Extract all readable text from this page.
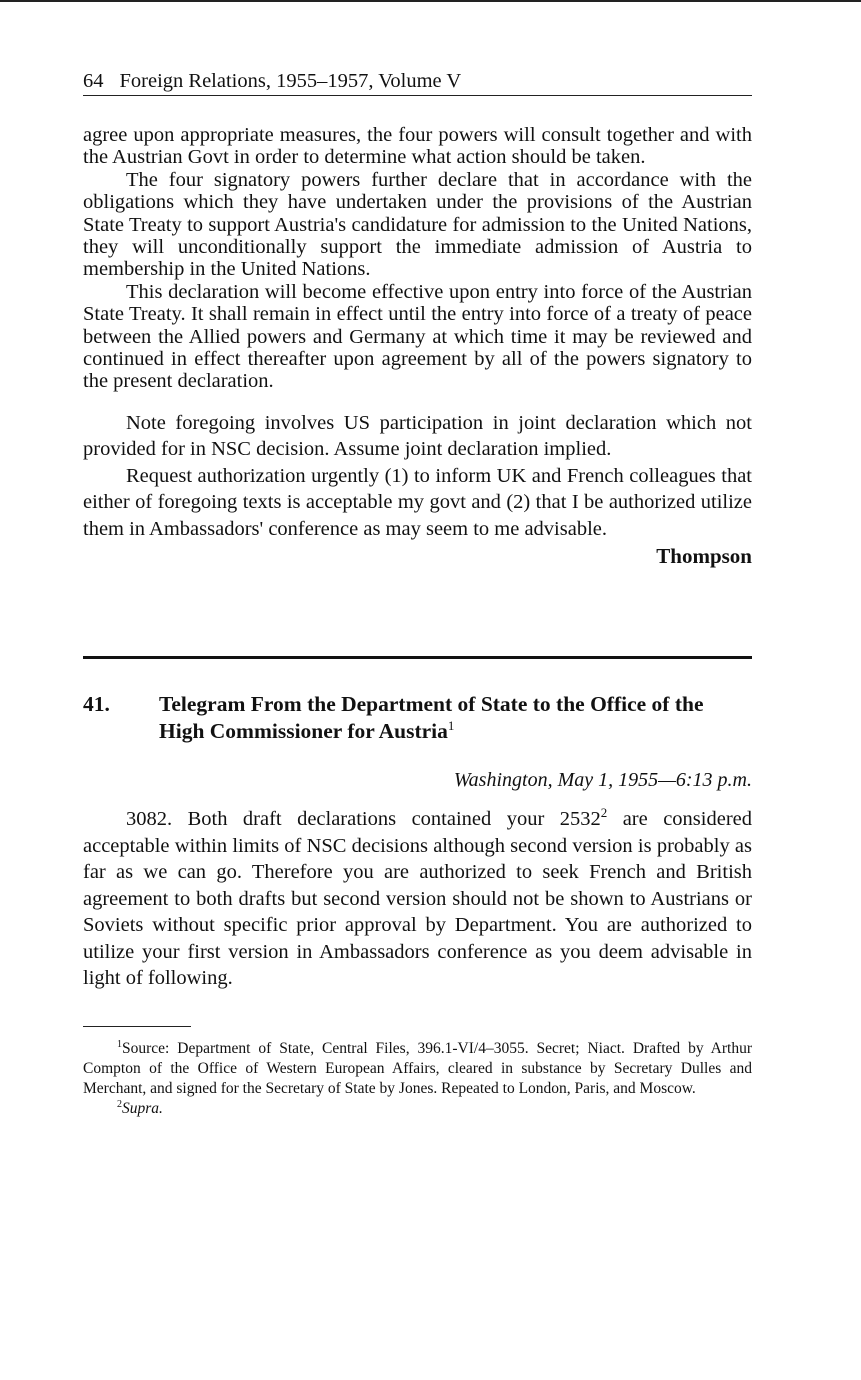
64 Foreign Relations, 1955–1957, Volume V

agree upon appropriate measures, the four powers will consult together and with the Austrian Govt in order to determine what action should be taken.

The four signatory powers further declare that in accordance with the obligations which they have undertaken under the provisions of the Austrian State Treaty to support Austria's candidature for admission to the United Nations, they will unconditionally support the immediate admission of Austria to membership in the United Nations.

This declaration will become effective upon entry into force of the Austrian State Treaty. It shall remain in effect until the entry into force of a treaty of peace between the Allied powers and Germany at which time it may be reviewed and continued in effect thereafter upon agreement by all of the powers signatory to the present declaration.

Note foregoing involves US participation in joint declaration which not provided for in NSC decision. Assume joint declaration implied.

Request authorization urgently (1) to inform UK and French colleagues that either of foregoing texts is acceptable my govt and (2) that I be authorized utilize them in Ambassadors' conference as may seem to me advisable.

Thompson
41.	Telegram From the Department of State to the Office of the High Commissioner for Austria$^1$
Washington, May 1, 1955—6:13 p.m.

3082. Both draft declarations contained your 2532$^2$ are considered acceptable within limits of NSC decisions although second version is probably as far as we can go. Therefore you are authorized to seek French and British agreement to both drafts but second version should not be shown to Austrians or Soviets without specific prior approval by Department. You are authorized to utilize your first version in Ambassadors conference as you deem advisable in light of following.

$^1$Source: Department of State, Central Files, 396.1-VI/4–3055. Secret; Niact. Drafted by Arthur Compton of the Office of Western European Affairs, cleared in substance by Secretary Dulles and Merchant, and signed for the Secretary of State by Jones. Repeated to London, Paris, and Moscow.

$^2$Supra.
